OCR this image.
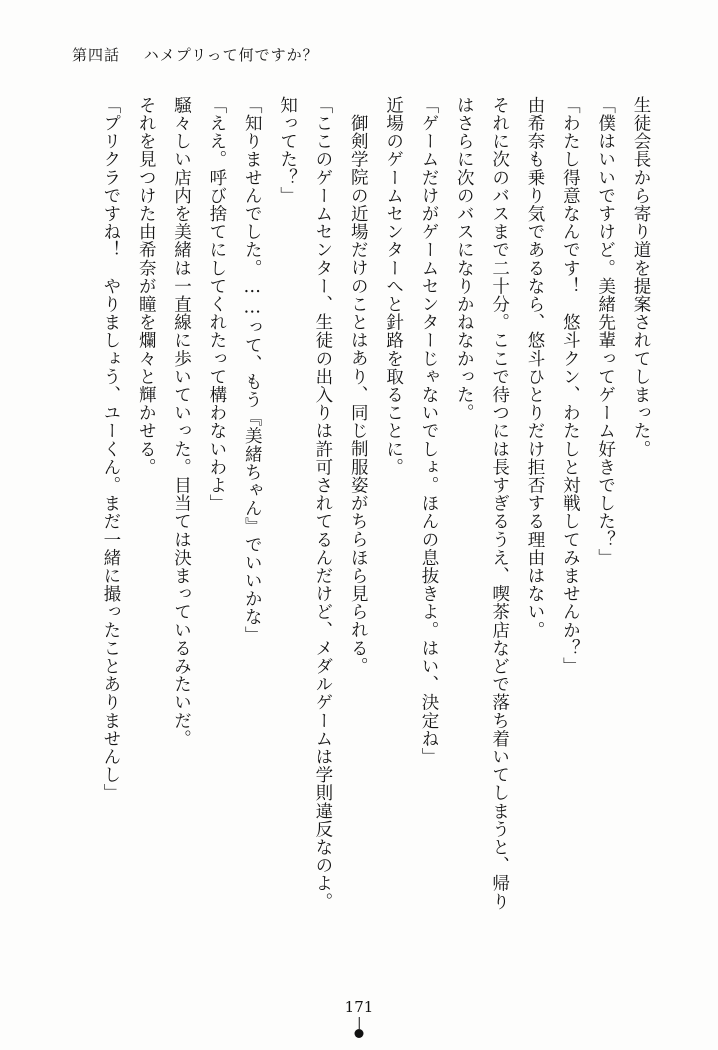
第四話 ハメプリって何ですか？

生徒会長から寄り道を提案されてしまった。

「僕はいいですけど。美緒先輩ってゲーム好きでした？」

「わたし得意なんです！　悠斗クン、わたしと対戦してみませんか？」

由希奈も乗り気であるなら、悠斗ひとりだけ拒否する理由はない。

それに次のバスまで二十分。ここで待つには長すぎるうえ、喫茶店などで落ち着いてしまうと、帰りはさらに次のバスになりかねなかった。

「ゲームだけがゲームセンターじゃないでしょ。ほんの息抜きよ。はい、決定ね」

近場のゲームセンターへと針路を取ることに。

御剣学院の近場だけのことはあり、同じ制服姿がちらほら見られる。

「ここのゲームセンター、生徒の出入りは許可されてるんだけど、メダルゲームは学則違反なのよ。知ってた？」

「知りませんでした。……って、もう『美緒ちゃん』でいいかな」

「ええ。呼び捨てにしてくれたって構わないわよ」

騒々しい店内を美緒は一直線に歩いていった。目当ては決まっているみたいだ。

それを見つけた由希奈が瞳を爛々と輝かせる。

「プリクラですね！　やりましょう、ユーくん。まだ一緒に撮ったことありませんし」

171
